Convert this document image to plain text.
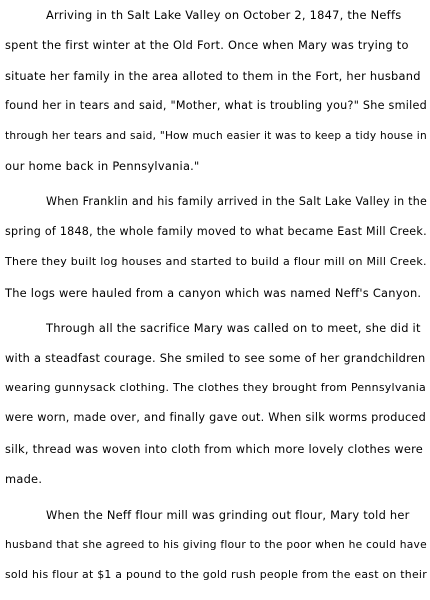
Arriving in th Salt Lake Valley on October 2, 1847, the Neffs

spent the first winter at the Old Fort. Once when Mary was trying to

situate her family in the area alloted to them in the Fort, her husband

found her in tears and said, "Mother, what is troubling you?" She smiled

through her tears and said, "How much easier it was to keep a tidy house in

our home back in Pennsylvania."

When Franklin and his family arrived in the Salt Lake Valley in the

spring of 1848, the whole family moved to what became East Mill Creek.

There they built log houses and started to build a flour mill on Mill Creek.

The logs were hauled from a canyon which was named Neff's Canyon.

Through all the sacrifice Mary was called on to meet, she did it

with a steadfast courage. She smiled to see some of her grandchildren

wearing gunnysack clothing. The clothes they brought from Pennsylvania

were worn, made over, and finally gave out. When silk worms produced

silk, thread was woven into cloth from which more lovely clothes were

made.

When the Neff flour mill was grinding out flour, Mary told her

husband that she agreed to his giving flour to the poor when he could have

sold his flour at $1 a pound to the gold rush people from the east on their
